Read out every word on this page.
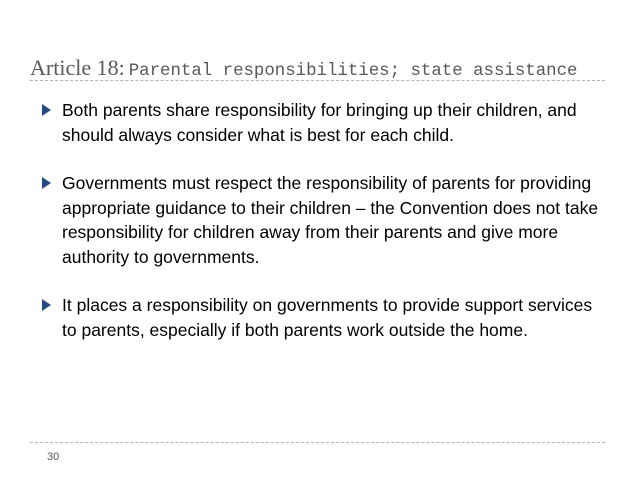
Article 18: Parental responsibilities; state assistance
Both parents share responsibility for bringing up their children, and should always consider what is best for each child.
Governments must respect the responsibility of parents for providing appropriate guidance to their children – the Convention does not take responsibility for children away from their parents and give more authority to governments.
It places a responsibility on governments to provide support services to parents, especially if both parents work outside the home.
30
